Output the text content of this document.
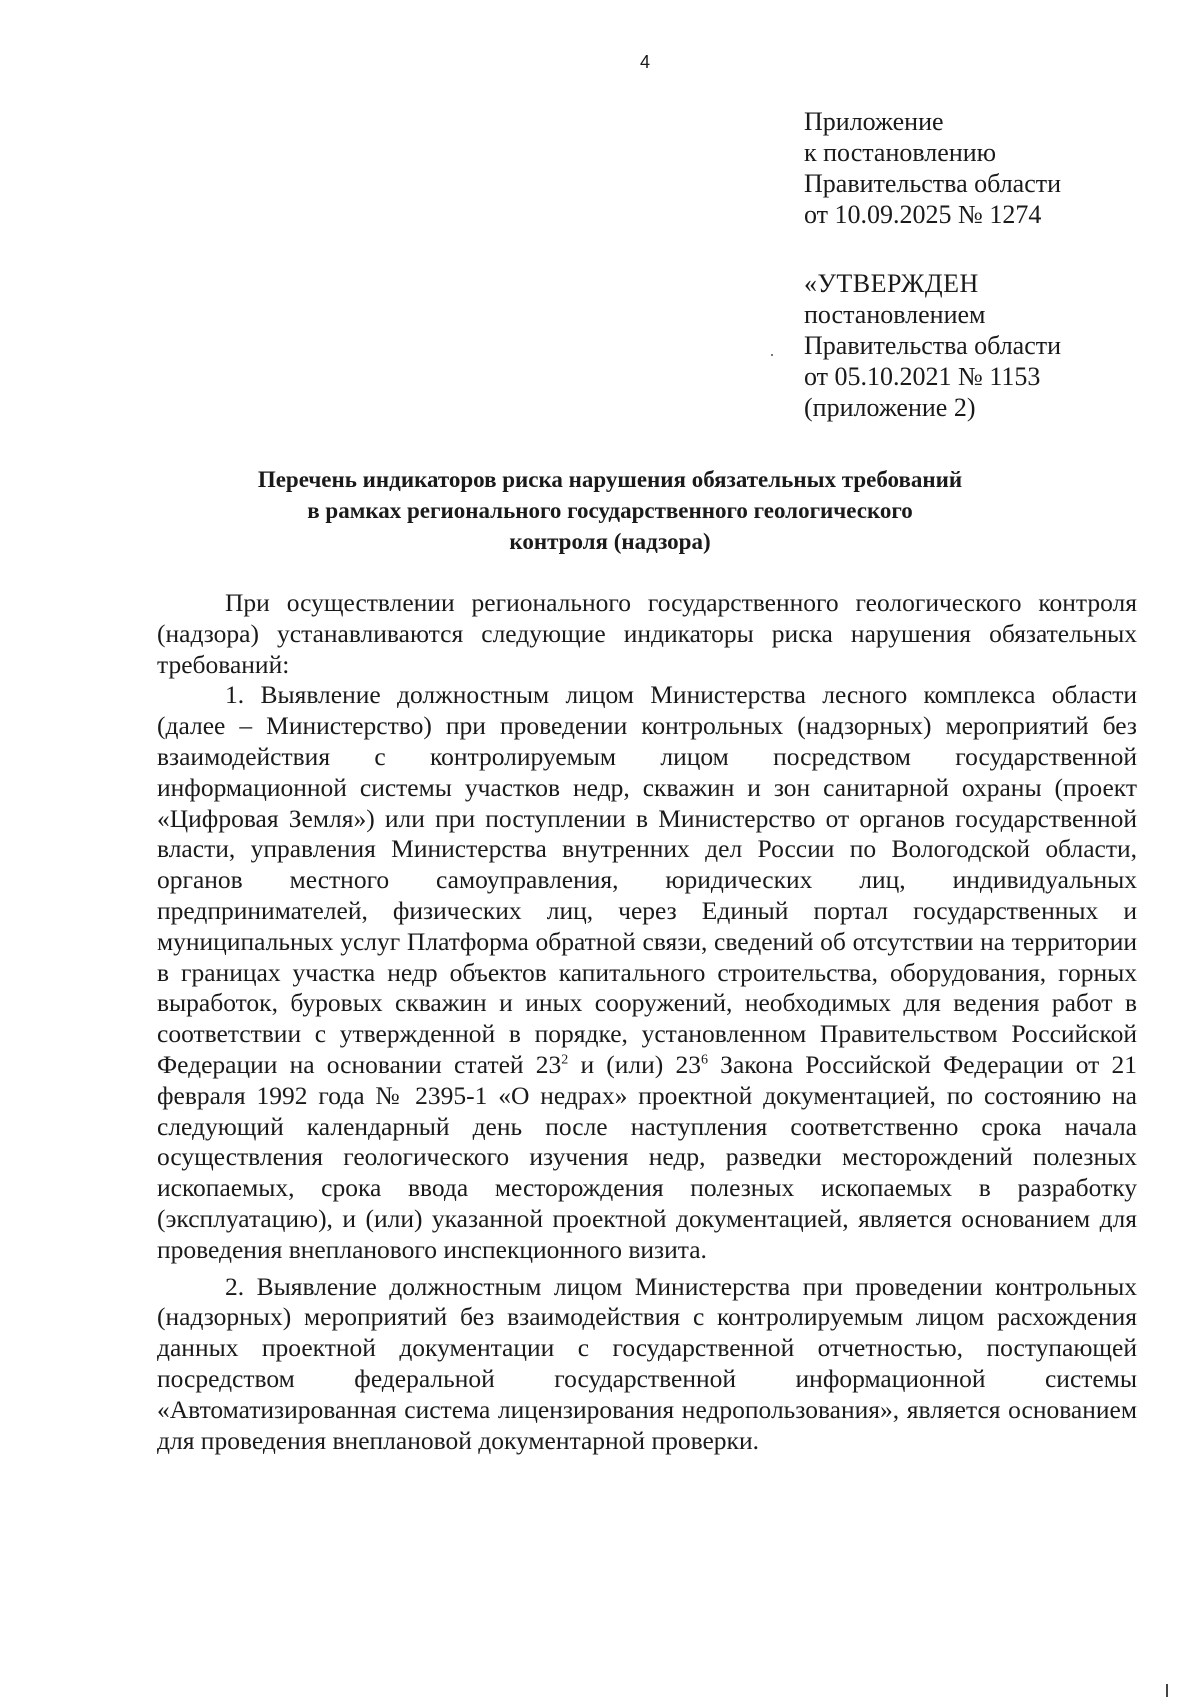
4
Приложение
к постановлению
Правительства области
от 10.09.2025 № 1274
«УТВЕРЖДЕН
постановлением
Правительства области
от 05.10.2021 № 1153
(приложение 2)
Перечень индикаторов риска нарушения обязательных требований
в рамках регионального государственного геологического
контроля (надзора)

При осуществлении регионального государственного геологического контроля (надзора) устанавливаются следующие индикаторы риска нарушения обязательных требований:

1. Выявление должностным лицом Министерства лесного комплекса области (далее – Министерство) при проведении контрольных (надзорных) мероприятий без взаимодействия с контролируемым лицом посредством государственной информационной системы участков недр, скважин и зон санитарной охраны (проект «Цифровая Земля») или при поступлении в Министерство от органов государственной власти, управления Министерства внутренних дел России по Вологодской области, органов местного самоуправления, юридических лиц, индивидуальных предпринимателей, физических лиц, через Единый портал государственных и муниципальных услуг Платформа обратной связи, сведений об отсутствии на территории в границах участка недр объектов капитального строительства, оборудования, горных выработок, буровых скважин и иных сооружений, необходимых для ведения работ в соответствии с утвержденной в порядке, установленном Правительством Российской Федерации на основании статей $23^2$ и (или) $23^6$ Закона Российской Федерации от 21 февраля 1992 года № 2395-1 «О недрах» проектной документацией, по состоянию на следующий календарный день после наступления соответственно срока начала осуществления геологического изучения недр, разведки месторождений полезных ископаемых, срока ввода месторождения полезных ископаемых в разработку (эксплуатацию), и (или) указанной проектной документацией, является основанием для проведения внепланового инспекционного визита.

2. Выявление должностным лицом Министерства при проведении контрольных (надзорных) мероприятий без взаимодействия с контролируемым лицом расхождения данных проектной документации с государственной отчетностью, поступающей посредством федеральной государственной информационной системы «Автоматизированная система лицензирования недропользования», является основанием для проведения внеплановой документарной проверки.
